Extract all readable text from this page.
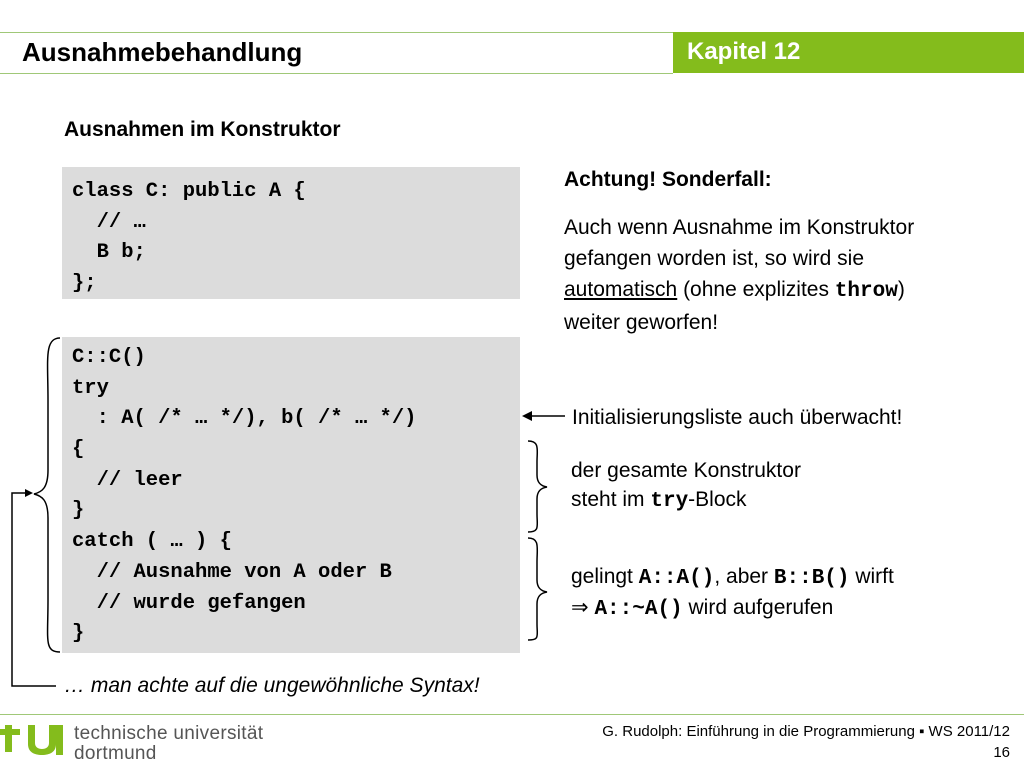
Ausnahmebehandlung	Kapitel 12
Ausnahmen im Konstruktor
class C: public A {
// …
B b;
};
C::C()
try
: A( /* … */), b( /* … */)
{
// leer
}
catch ( … ) {
// Ausnahme von A oder B
// wurde gefangen
}
Achtung! Sonderfall:
Auch wenn Ausnahme im Konstruktor gefangen worden ist, so wird sie
automatisch (ohne explizites throw)
weiter geworfen!
Initialisierungsliste auch überwacht!
der gesamte Konstruktor
steht im try-Block
gelingt A::A(), aber B::B() wirft
⇒ A::~A() wird aufgerufen
… man achte auf die ungewöhnliche Syntax!
technische universität
dortmund
G. Rudolph: Einführung in die Programmierung ▪ WS 2011/12
16
